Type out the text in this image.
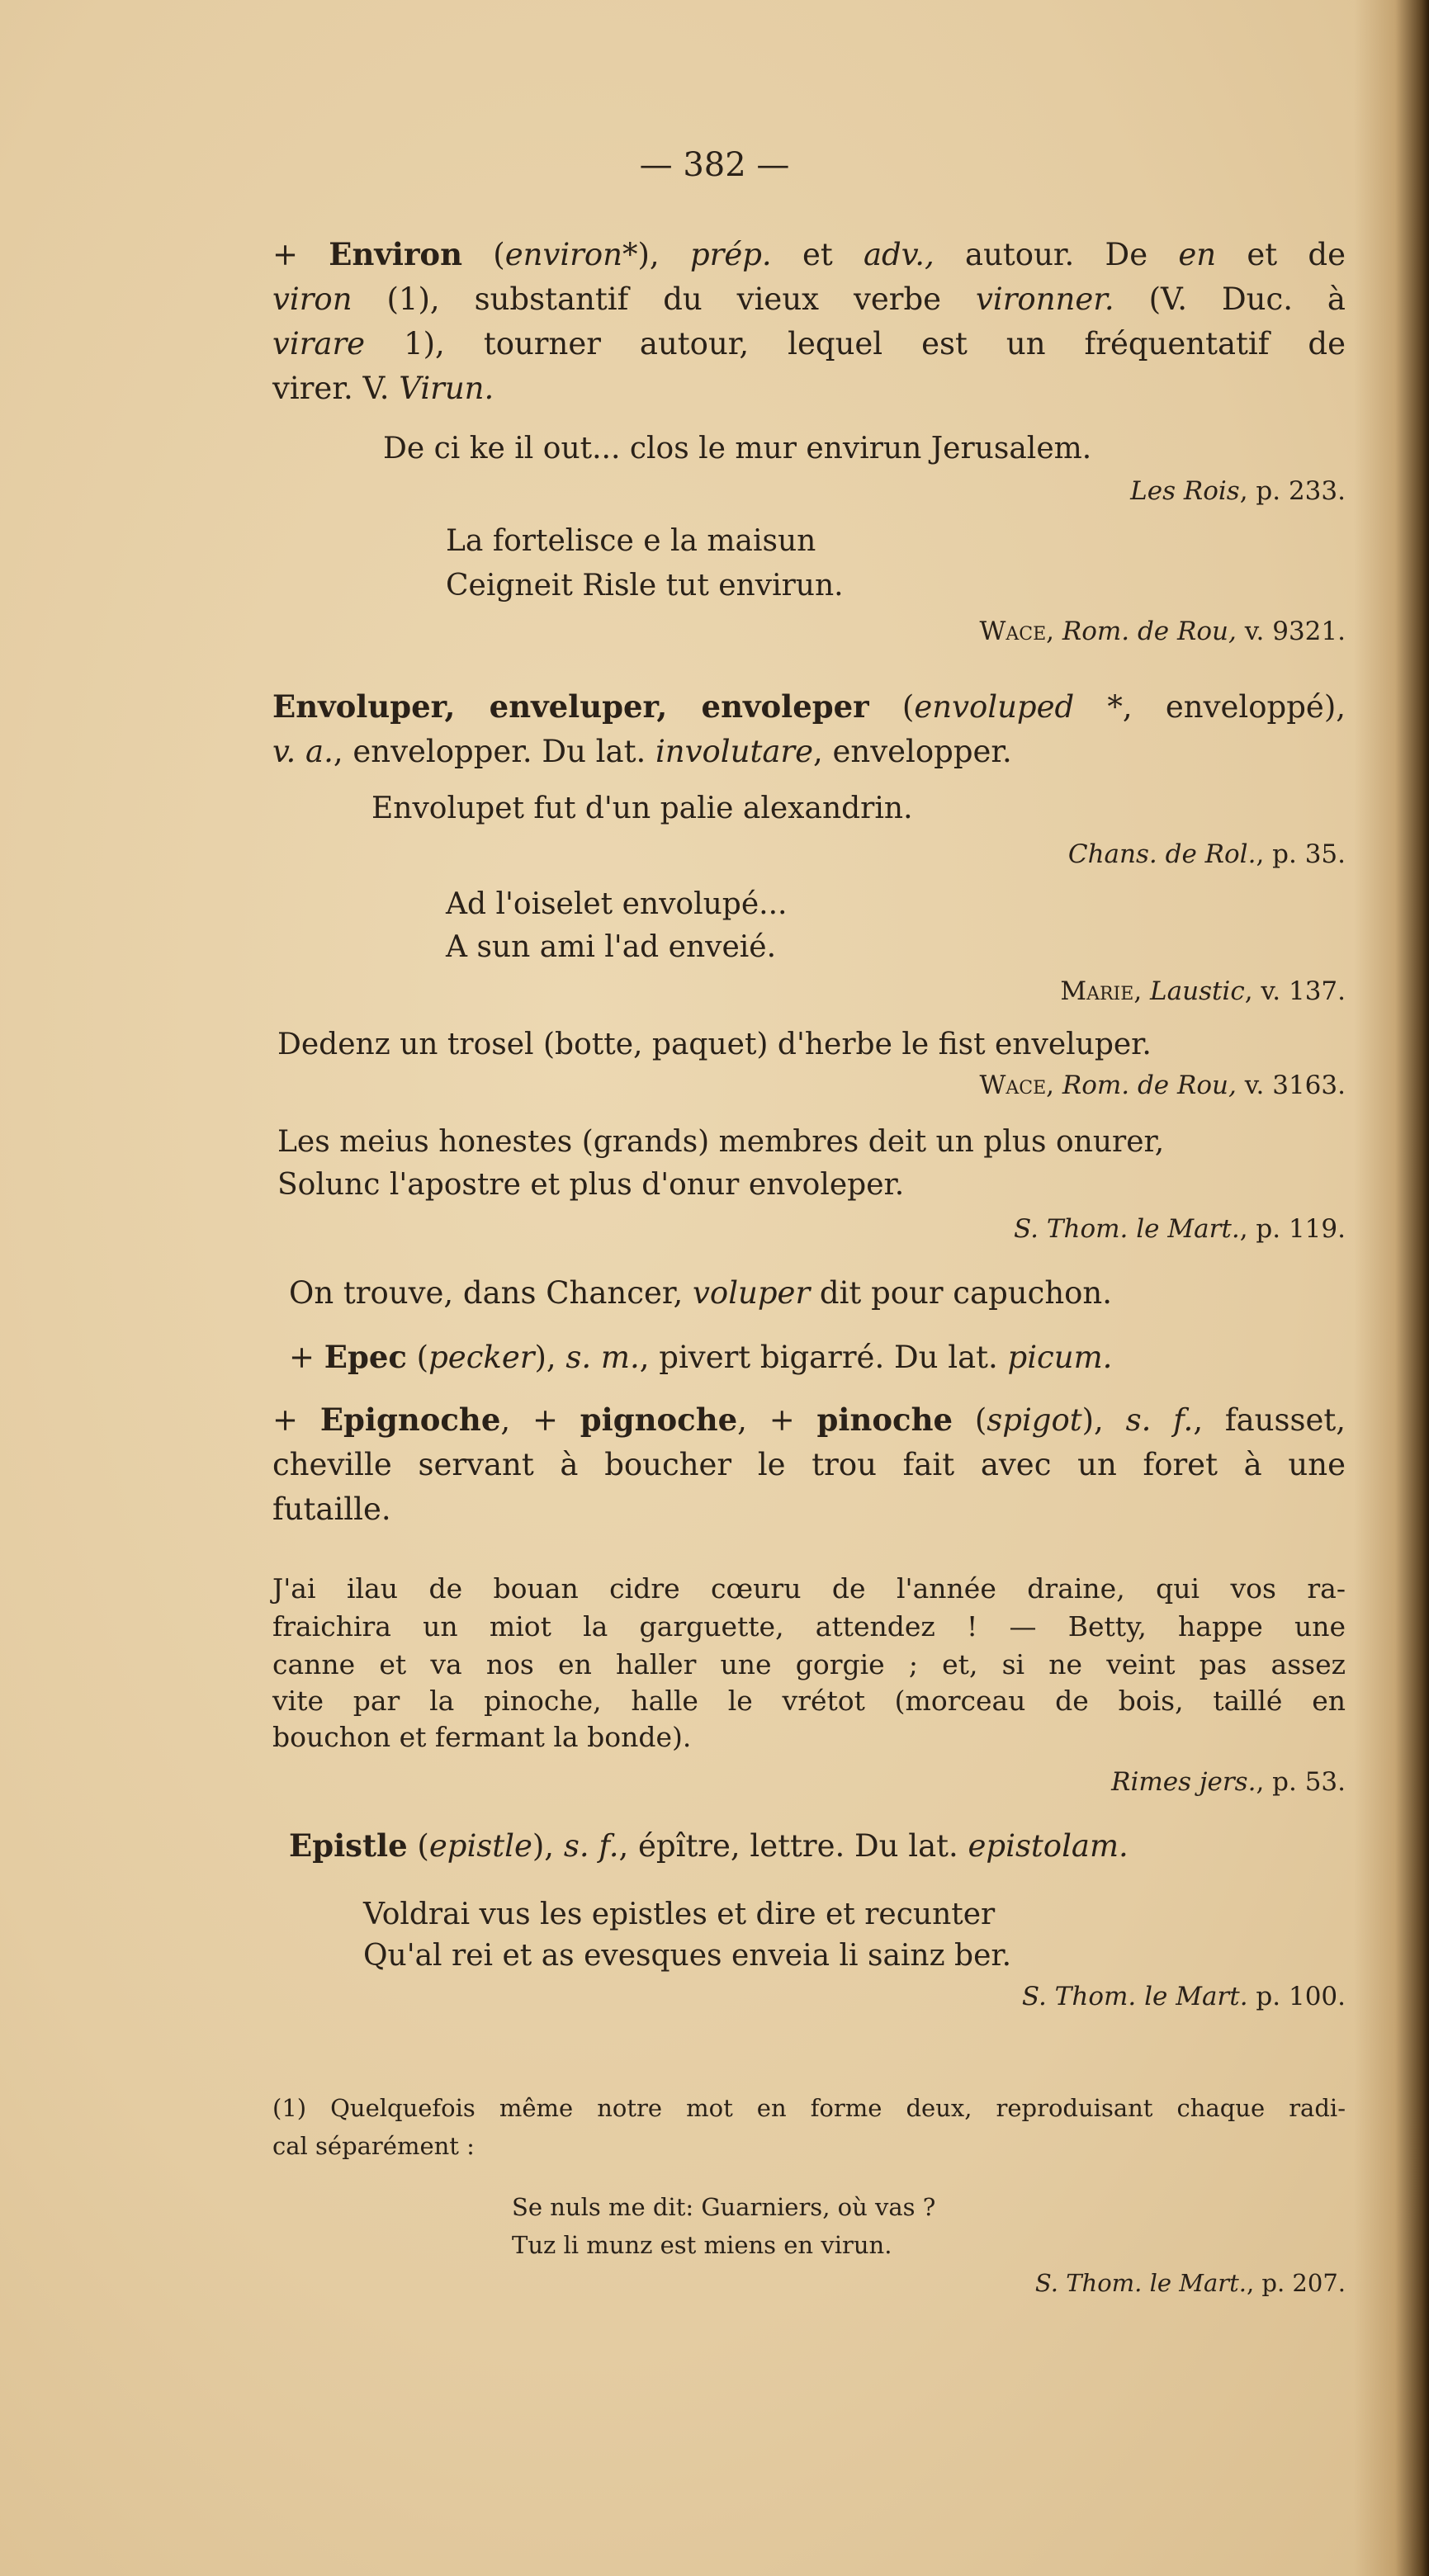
— 382 —
+ Environ (environ*), prép. et adv., autour. De en et de
viron (1), substantif du vieux verbe vironner. (V. Duc. à
virare 1), tourner autour, lequel est un fréquentatif de
virer. V. Virun.
De ci ke il out... clos le mur envirun Jerusalem.
Les Rois, p. 233.
La fortelisce e la maisun
Ceigneit Risle tut envirun.
Wace, Rom. de Rou, v. 9321.
Envoluper, enveluper, envoleper (envoluped *, enveloppé),
v. a., envelopper. Du lat. involutare, envelopper.
Envolupet fut d'un palie alexandrin.
Chans. de Rol., p. 35.
Ad l'oiselet envolupé...
A sun ami l'ad enveié.
Marie, Laustic, v. 137.
Dedenz un trosel (botte, paquet) d'herbe le fist enveluper.
Wace, Rom. de Rou, v. 3163.
Les meius honestes (grands) membres deit un plus onurer,
Solunc l'apostre et plus d'onur envoleper.
S. Thom. le Mart., p. 119.
On trouve, dans Chancer, voluper dit pour capuchon.
+ Epec (pecker), s. m., pivert bigarré. Du lat. picum.
+ Epignoche, + pignoche, + pinoche (spigot), s. f., fausset,
cheville servant à boucher le trou fait avec un foret à une
futaille.
J'ai ilau de bouan cidre cœuru de l'année draine, qui vos ra-
fraichira un miot la garguette, attendez ! — Betty, happe une
canne et va nos en haller une gorgie ; et, si ne veint pas assez
vite par la pinoche, halle le vrétot (morceau de bois, taillé en
bouchon et fermant la bonde).
Rimes jers., p. 53.
Epistle (epistle), s. f., épître, lettre. Du lat. epistolam.
Voldrai vus les epistles et dire et recunter
Qu'al rei et as evesques enveia li sainz ber.
S. Thom. le Mart. p. 100.
(1) Quelquefois même notre mot en forme deux, reproduisant chaque radi-
cal séparément :
Se nuls me dit: Guarniers, où vas ?
Tuz li munz est miens en virun.
S. Thom. le Mart., p. 207.
